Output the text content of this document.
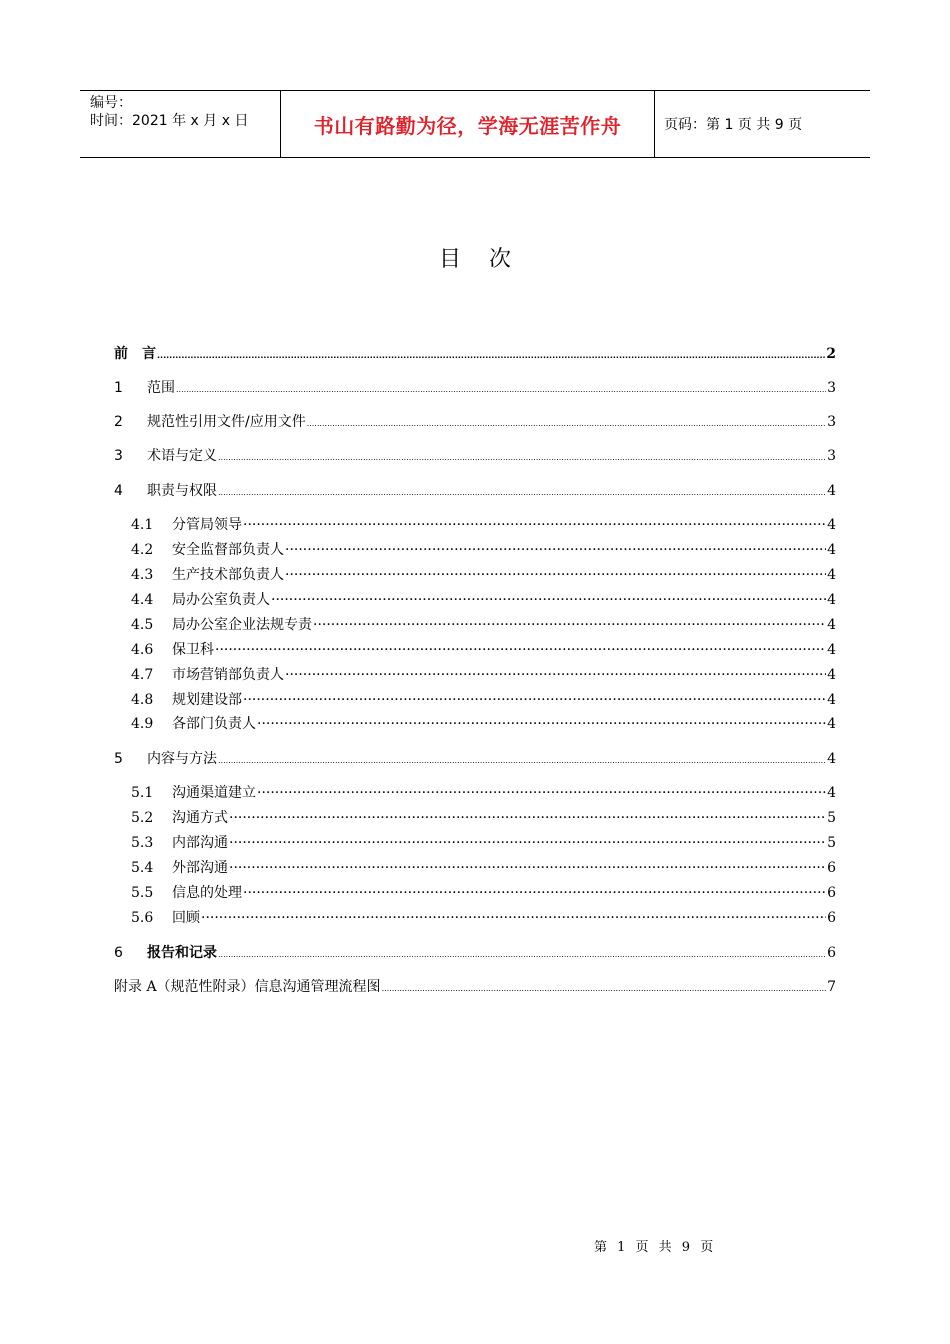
编号：
时间：2021 年 x 月 x 日	书山有路勤为径，学海无涯苦作舟	页码：第 1 页 共 9 页
目次
前　言 .....	2
1	范围 .....	3
2	规范性引用文件/应用文件 .....	3
3	术语与定义 .....	3
4	职责与权限 .....	4
4.1	分管局领导 ·····	4
4.2	安全监督部负责人 ·····	4
4.3	生产技术部负责人 ·····	4
4.4	局办公室负责人 ·····	4
4.5	局办公室企业法规专责 ·····	4
4.6	保卫科 ·····	4
4.7	市场营销部负责人 ·····	4
4.8	规划建设部 ·····	4
4.9	各部门负责人 ·····	4
5	内容与方法 .....	4
5.1	沟通渠道建立 ·····	4
5.2	沟通方式 ·····	5
5.3	内部沟通 ·····	5
5.4	外部沟通 ·····	6
5.5	信息的处理 ·····	6
5.6	回顾 ·····	6
6	报告和记录 .....	6
附录 A（规范性附录）信息沟通管理流程图 .....	7
第 1 页 共 9 页
